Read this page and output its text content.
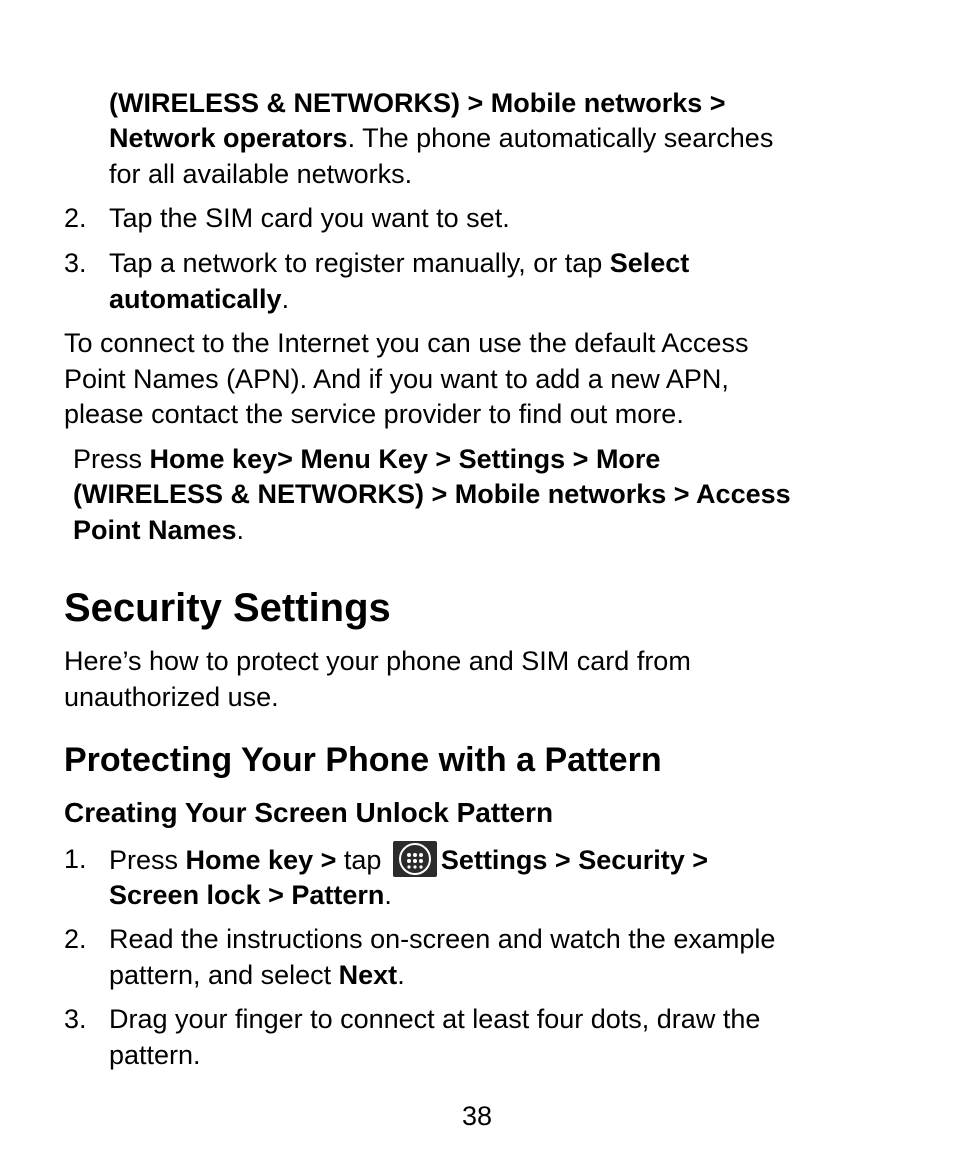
(WIRELESS & NETWORKS) > Mobile networks >
Network operators. The phone automatically searches
for all available networks.
2. Tap the SIM card you want to set.
3. Tap a network to register manually, or tap Select
automatically.
To connect to the Internet you can use the default Access
Point Names (APN). And if you want to add a new APN,
please contact the service provider to find out more.
Press Home key> Menu Key > Settings > More
(WIRELESS & NETWORKS) > Mobile networks > Access
Point Names.
Security Settings
Here’s how to protect your phone and SIM card from
unauthorized use.
Protecting Your Phone with a Pattern
Creating Your Screen Unlock Pattern
1. Press Home key > tap
Settings > Security >
Screen lock > Pattern.
2. Read the instructions on-screen and watch the example
pattern, and select Next.
3. Drag your finger to connect at least four dots, draw the
pattern.
38
